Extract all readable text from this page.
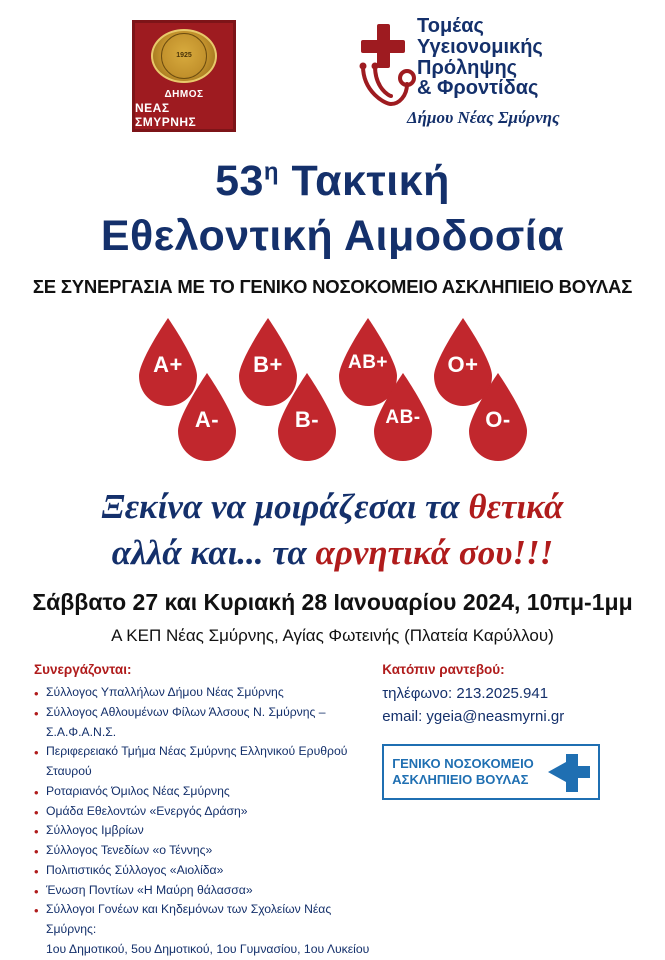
1925
ΔΗΜΟΣ
ΝΕΑΣ ΣΜΥΡΝΗΣ
Τομέας
Υγειονομικής
Πρόληψης
& Φροντίδας
Δήμου Νέας Σμύρνης
$53^\eta$ Τακτική
Εθελοντική Αιμοδοσία
ΣΕ ΣΥΝΕΡΓΑΣΙΑ ΜΕ ΤΟ ΓΕΝΙΚΟ ΝΟΣΟΚΟΜΕΙΟ ΑΣΚΛΗΠΙΕΙΟ ΒΟΥΛΑΣ
A+	B+	AB+	O+
A-	B-	AB-	O-
Ξεκίνα να μοιράζεσαι τα θετικά
αλλά και... τα αρνητικά σου!!!
Σάββατο 27 και Κυριακή 28 Ιανουαρίου 2024, 10πμ-1μμ
Α ΚΕΠ Νέας Σμύρνης, Αγίας Φωτεινής (Πλατεία Καρύλλου)
Συνεργάζονται:
• Σύλλογος Υπαλλήλων Δήμου Νέας Σμύρνης
• Σύλλογος Αθλουμένων Φίλων Άλσους Ν. Σμύρνης – Σ.Α.Φ.Α.Ν.Σ.
• Περιφερειακό Τμήμα Νέας Σμύρνης Ελληνικού Ερυθρού Σταυρού
• Ροταριανός Όμιλος Νέας Σμύρνης
• Ομάδα Εθελοντών «Ενεργός Δράση»
• Σύλλογος Ιμβρίων
• Σύλλογος Τενεδίων «ο Τέννης»
• Πολιτιστικός Σύλλογος «Αιολίδα»
• Ένωση Ποντίων «Η Μαύρη θάλασσα»
• Σύλλογοι Γονέων και Κηδεμόνων των Σχολείων Νέας Σμύρνης:
1ου Δημοτικού, 5ου Δημοτικού, 1ου Γυμνασίου, 1ου Λυκείου
Κατόπιν ραντεβού:
τηλέφωνο: 213.2025.941
email: ygeia@neasmyrni.gr
ΓΕΝΙΚΟ ΝΟΣΟΚΟΜΕΙΟ
ΑΣΚΛΗΠΙΕΙΟ ΒΟΥΛΑΣ
